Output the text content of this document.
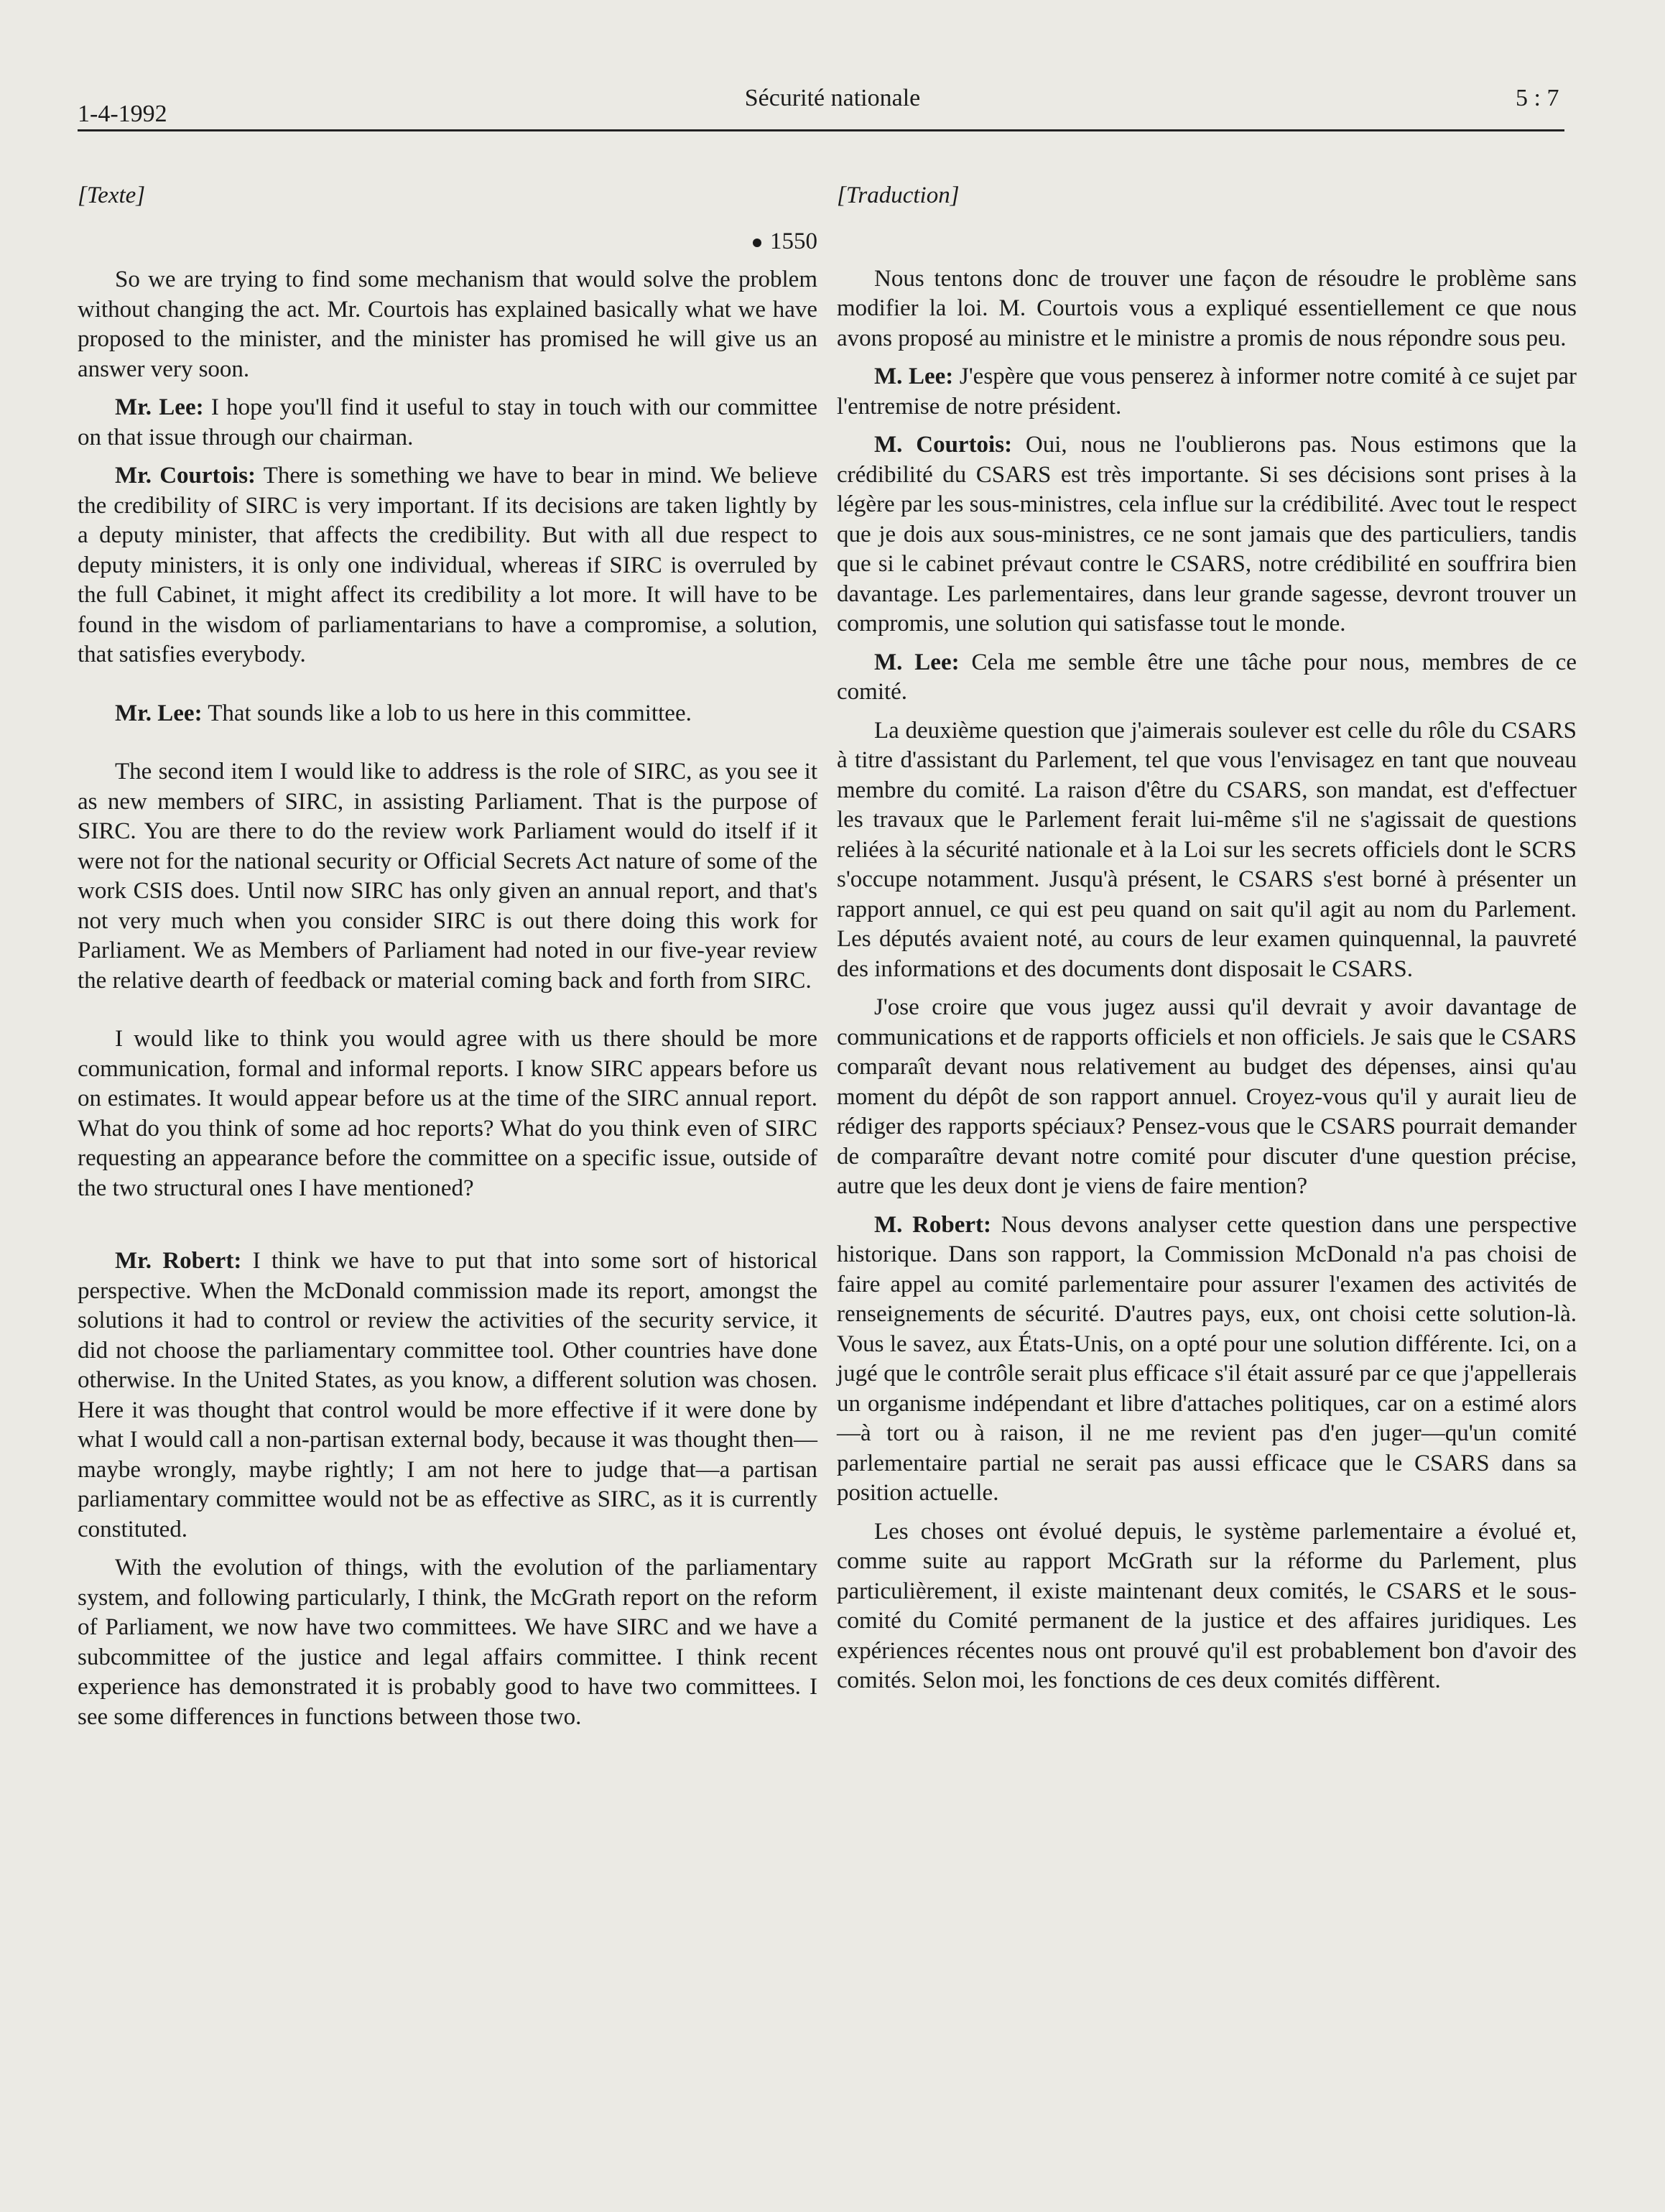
1-4-1992
Sécurité nationale	5 : 7
[Texte]
1550

So we are trying to find some mechanism that would solve the problem without changing the act. Mr. Courtois has explained basically what we have proposed to the minister, and the minister has promised he will give us an answer very soon.

Mr. Lee: I hope you'll find it useful to stay in touch with our committee on that issue through our chairman.

Mr. Courtois: There is something we have to bear in mind. We believe the credibility of SIRC is very important. If its decisions are taken lightly by a deputy minister, that affects the credibility. But with all due respect to deputy ministers, it is only one individual, whereas if SIRC is overruled by the full Cabinet, it might affect its credibility a lot more. It will have to be found in the wisdom of parliamentarians to have a compromise, a solution, that satisfies everybody.

Mr. Lee: That sounds like a lob to us here in this committee.

The second item I would like to address is the role of SIRC, as you see it as new members of SIRC, in assisting Parliament. That is the purpose of SIRC. You are there to do the review work Parliament would do itself if it were not for the national security or Official Secrets Act nature of some of the work CSIS does. Until now SIRC has only given an annual report, and that's not very much when you consider SIRC is out there doing this work for Parliament. We as Members of Parliament had noted in our five-year review the relative dearth of feedback or material coming back and forth from SIRC.

I would like to think you would agree with us there should be more communication, formal and informal reports. I know SIRC appears before us on estimates. It would appear before us at the time of the SIRC annual report. What do you think of some ad hoc reports? What do you think even of SIRC requesting an appearance before the committee on a specific issue, outside of the two structural ones I have mentioned?

Mr. Robert: I think we have to put that into some sort of historical perspective. When the McDonald commission made its report, amongst the solutions it had to control or review the activities of the security service, it did not choose the parliamentary committee tool. Other countries have done otherwise. In the United States, as you know, a different solution was chosen. Here it was thought that control would be more effective if it were done by what I would call a non-partisan external body, because it was thought then—maybe wrongly, maybe rightly; I am not here to judge that—a partisan parliamentary committee would not be as effective as SIRC, as it is currently constituted.

With the evolution of things, with the evolution of the parliamentary system, and following particularly, I think, the McGrath report on the reform of Parliament, we now have two committees. We have SIRC and we have a subcommittee of the justice and legal affairs committee. I think recent experience has demonstrated it is probably good to have two committees. I see some differences in functions between those two.

[Traduction]

Nous tentons donc de trouver une façon de résoudre le problème sans modifier la loi. M. Courtois vous a expliqué essentiellement ce que nous avons proposé au ministre et le ministre a promis de nous répondre sous peu.

M. Lee: J'espère que vous penserez à informer notre comité à ce sujet par l'entremise de notre président.

M. Courtois: Oui, nous ne l'oublierons pas. Nous estimons que la crédibilité du CSARS est très importante. Si ses décisions sont prises à la légère par les sous-ministres, cela influe sur la crédibilité. Avec tout le respect que je dois aux sous-ministres, ce ne sont jamais que des particuliers, tandis que si le cabinet prévaut contre le CSARS, notre crédibilité en souffrira bien davantage. Les parlementaires, dans leur grande sagesse, devront trouver un compromis, une solution qui satisfasse tout le monde.

M. Lee: Cela me semble être une tâche pour nous, membres de ce comité.

La deuxième question que j'aimerais soulever est celle du rôle du CSARS à titre d'assistant du Parlement, tel que vous l'envisagez en tant que nouveau membre du comité. La raison d'être du CSARS, son mandat, est d'effectuer les travaux que le Parlement ferait lui-même s'il ne s'agissait de questions reliées à la sécurité nationale et à la Loi sur les secrets officiels dont le SCRS s'occupe notamment. Jusqu'à présent, le CSARS s'est borné à présenter un rapport annuel, ce qui est peu quand on sait qu'il agit au nom du Parlement. Les députés avaient noté, au cours de leur examen quinquennal, la pauvreté des informations et des documents dont disposait le CSARS.

J'ose croire que vous jugez aussi qu'il devrait y avoir davantage de communications et de rapports officiels et non officiels. Je sais que le CSARS comparaît devant nous relativement au budget des dépenses, ainsi qu'au moment du dépôt de son rapport annuel. Croyez-vous qu'il y aurait lieu de rédiger des rapports spéciaux? Pensez-vous que le CSARS pourrait demander de comparaître devant notre comité pour discuter d'une question précise, autre que les deux dont je viens de faire mention?

M. Robert: Nous devons analyser cette question dans une perspective historique. Dans son rapport, la Commission McDonald n'a pas choisi de faire appel au comité parlementaire pour assurer l'examen des activités de renseignements de sécurité. D'autres pays, eux, ont choisi cette solution-là. Vous le savez, aux États-Unis, on a opté pour une solution différente. Ici, on a jugé que le contrôle serait plus efficace s'il était assuré par ce que j'appellerais un organisme indépendant et libre d'attaches politiques, car on a estimé alors—à tort ou à raison, il ne me revient pas d'en juger—qu'un comité parlementaire partial ne serait pas aussi efficace que le CSARS dans sa position actuelle.

Les choses ont évolué depuis, le système parlementaire a évolué et, comme suite au rapport McGrath sur la réforme du Parlement, plus particulièrement, il existe maintenant deux comités, le CSARS et le sous-comité du Comité permanent de la justice et des affaires juridiques. Les expériences récentes nous ont prouvé qu'il est probablement bon d'avoir des comités. Selon moi, les fonctions de ces deux comités diffèrent.
